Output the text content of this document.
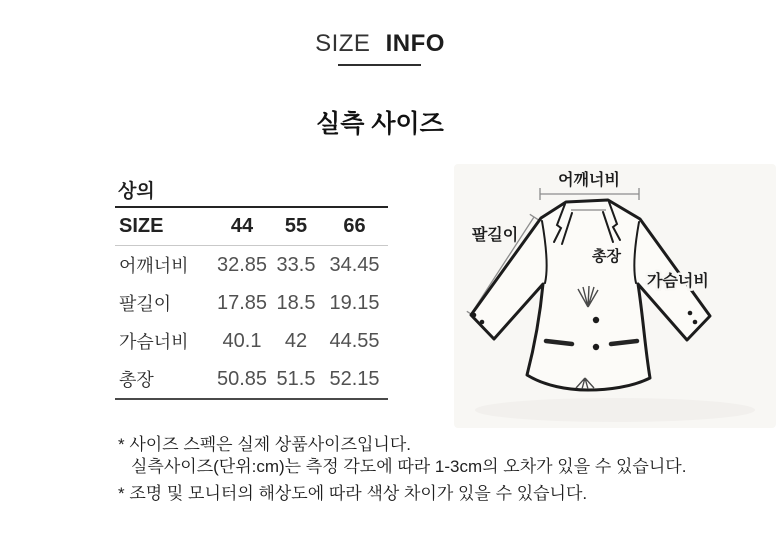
SIZE INFO
실측 사이즈
상의
SIZE	44	55	66
어깨너비	32.85	33.5	34.45
팔길이	17.85	18.5	19.15
가슴너비	40.1	42	44.55
총장	50.85	51.5	52.15
어깨너비
팔길이
총장
가슴너비
* 사이즈 스펙은 실제 상품사이즈입니다.
실측사이즈(단위:cm)는 측정 각도에 따라 1-3cm의 오차가 있을 수 있습니다.
* 조명 및 모니터의 해상도에 따라 색상 차이가 있을 수 있습니다.
